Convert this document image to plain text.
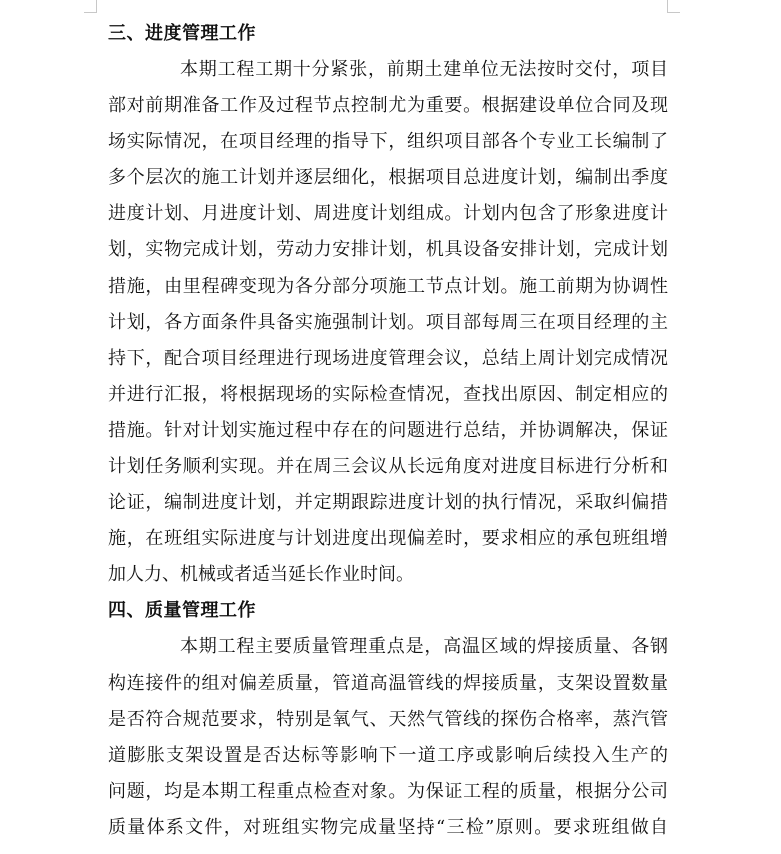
三、进度管理工作
本期工程工期十分紧张，前期土建单位无法按时交付，项目
部对前期准备工作及过程节点控制尤为重要。根据建设单位合同及现
场实际情况，在项目经理的指导下，组织项目部各个专业工长编制了
多个层次的施工计划并逐层细化，根据项目总进度计划，编制出季度
进度计划、月进度计划、周进度计划组成。计划内包含了形象进度计
划，实物完成计划，劳动力安排计划，机具设备安排计划，完成计划
措施，由里程碑变现为各分部分项施工节点计划。施工前期为协调性
计划，各方面条件具备实施强制计划。项目部每周三在项目经理的主
持下，配合项目经理进行现场进度管理会议，总结上周计划完成情况
并进行汇报，将根据现场的实际检查情况，查找出原因、制定相应的
措施。针对计划实施过程中存在的问题进行总结，并协调解决，保证
计划任务顺利实现。并在周三会议从长远角度对进度目标进行分析和
论证，编制进度计划，并定期跟踪进度计划的执行情况，采取纠偏措
施，在班组实际进度与计划进度出现偏差时，要求相应的承包班组增
加人力、机械或者适当延长作业时间。
四、质量管理工作
本期工程主要质量管理重点是，高温区域的焊接质量、各钢
构连接件的组对偏差质量，管道高温管线的焊接质量，支架设置数量
是否符合规范要求，特别是氧气、天然气管线的探伤合格率，蒸汽管
道膨胀支架设置是否达标等影响下一道工序或影响后续投入生产的
问题，均是本期工程重点检查对象。为保证工程的质量，根据分公司
质量体系文件，对班组实物完成量坚持“三检”原则。要求班组做自
